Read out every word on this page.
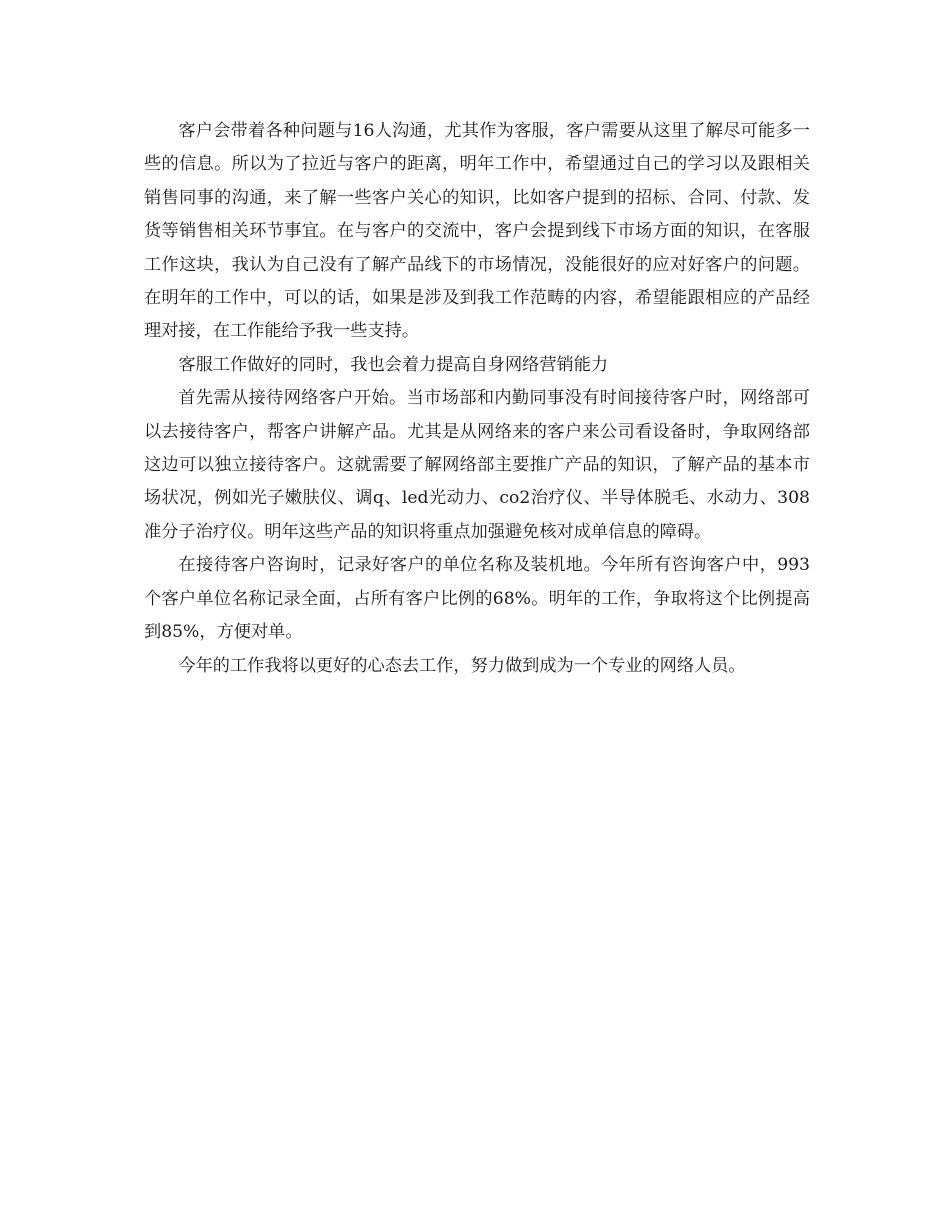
客户会带着各种问题与16人沟通，尤其作为客服，客户需要从这里了解尽可能多一些的信息。所以为了拉近与客户的距离，明年工作中，希望通过自己的学习以及跟相关销售同事的沟通，来了解一些客户关心的知识，比如客户提到的招标、合同、付款、发货等销售相关环节事宜。在与客户的交流中，客户会提到线下市场方面的知识，在客服工作这块，我认为自己没有了解产品线下的市场情况，没能很好的应对好客户的问题。在明年的工作中，可以的话，如果是涉及到我工作范畴的内容，希望能跟相应的产品经理对接，在工作能给予我一些支持。

客服工作做好的同时，我也会着力提高自身网络营销能力

首先需从接待网络客户开始。当市场部和内勤同事没有时间接待客户时，网络部可以去接待客户，帮客户讲解产品。尤其是从网络来的客户来公司看设备时，争取网络部这边可以独立接待客户。这就需要了解网络部主要推广产品的知识，了解产品的基本市场状况，例如光子嫩肤仪、调q、led光动力、co2治疗仪、半导体脱毛、水动力、308准分子治疗仪。明年这些产品的知识将重点加强避免核对成单信息的障碍。

在接待客户咨询时，记录好客户的单位名称及装机地。今年所有咨询客户中，993个客户单位名称记录全面，占所有客户比例的68%。明年的工作，争取将这个比例提高到85%，方便对单。

今年的工作我将以更好的心态去工作，努力做到成为一个专业的网络人员。
